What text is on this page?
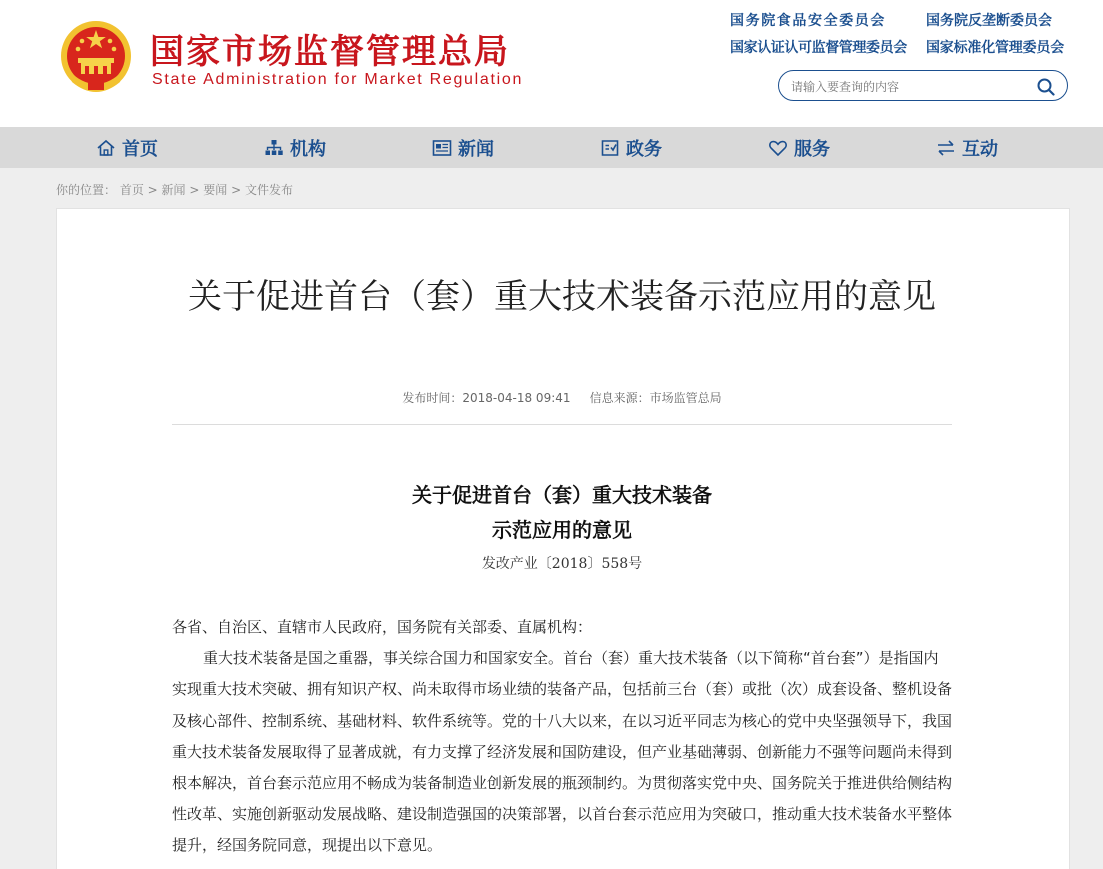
国家市场监督管理总局
State Administration for Market Regulation
国务院食品安全委员会	国务院反垄断委员会
国家认证认可监督管理委员会 国家标准化管理委员会
请输入要查询的内容
首页	机构	新闻	政务	服务	互动
你的位置： 首页 > 新闻 > 要闻 > 文件发布
关于促进首台（套）重大技术装备示范应用的意见
发布时间：2018-04-18 09:41 信息来源：市场监管总局
关于促进首台（套）重大技术装备
示范应用的意见
发改产业〔2018〕558号

各省、自治区、直辖市人民政府，国务院有关部委、直属机构：

重大技术装备是国之重器，事关综合国力和国家安全。首台（套）重大技术装备（以下简称“首台套”）是指国内实现重大技术突破、拥有知识产权、尚未取得市场业绩的装备产品，包括前三台（套）或批（次）成套设备、整机设备及核心部件、控制系统、基础材料、软件系统等。党的十八大以来，在以习近平同志为核心的党中央坚强领导下，我国重大技术装备发展取得了显著成就，有力支撑了经济发展和国防建设，但产业基础薄弱、创新能力不强等问题尚未得到根本解决，首台套示范应用不畅成为装备制造业创新发展的瓶颈制约。为贯彻落实党中央、国务院关于推进供给侧结构性改革、实施创新驱动发展战略、建设制造强国的决策部署，以首台套示范应用为突破口，推动重大技术装备水平整体提升，经国务院同意，现提出以下意见。
